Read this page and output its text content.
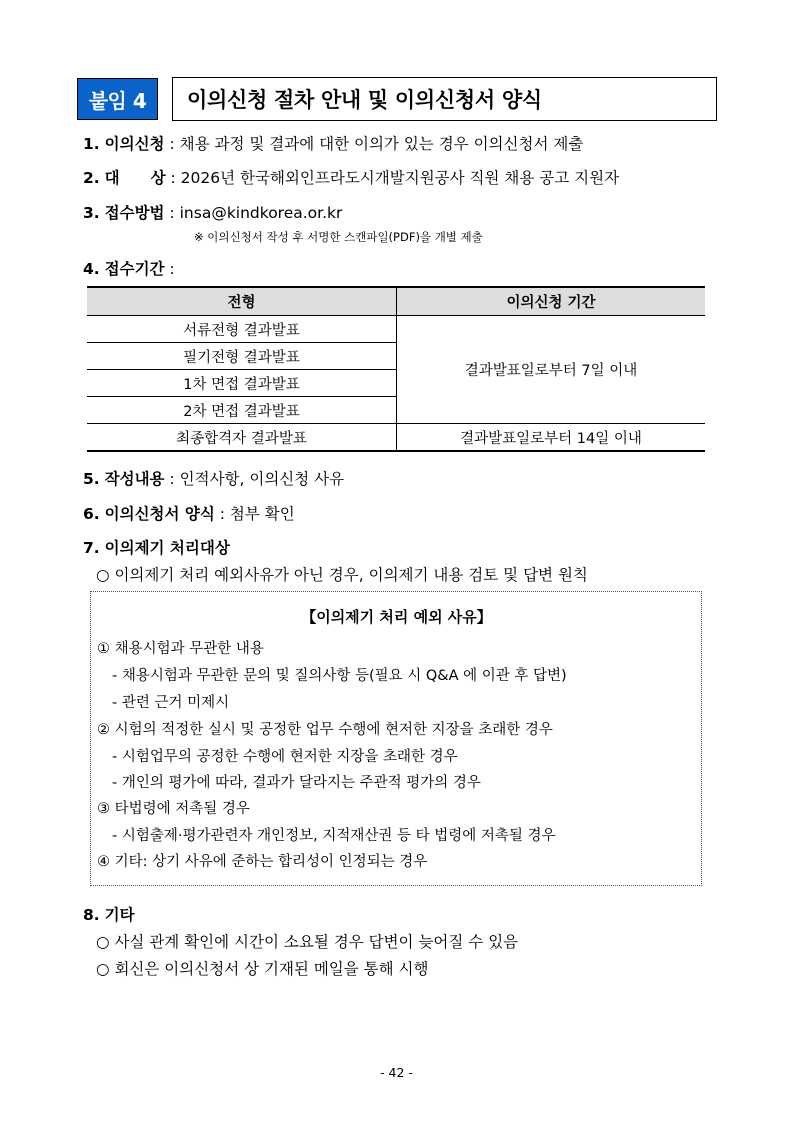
붙임 4	이의신청 절차 안내 및 이의신청서 양식
1. 이의신청 : 채용 과정 및 결과에 대한 이의가 있는 경우 이의신청서 제출
2. 대　　상 : 2026년 한국해외인프라도시개발지원공사 직원 채용 공고 지원자
3. 접수방법 : insa@kindkorea.or.kr
※ 이의신청서 작성 후 서명한 스캔파일(PDF)을 개별 제출
4. 접수기간 :
전형	이의신청 기간
서류전형 결과발표	결과발표일로부터 7일 이내
필기전형 결과발표	
1차 면접 결과발표	
2차 면접 결과발표	
최종합격자 결과발표	결과발표일로부터 14일 이내
5. 작성내용 : 인적사항, 이의신청 사유
6. 이의신청서 양식 : 첨부 확인
7. 이의제기 처리대상
○ 이의제기 처리 예외사유가 아닌 경우, 이의제기 내용 검토 및 답변 원칙
【이의제기 처리 예외 사유】
① 채용시험과 무관한 내용
- 채용시험과 무관한 문의 및 질의사항 등(필요 시 Q&A 에 이관 후 답변)
- 관련 근거 미제시
② 시험의 적정한 실시 및 공정한 업무 수행에 현저한 지장을 초래한 경우
- 시험업무의 공정한 수행에 현저한 지장을 초래한 경우
- 개인의 평가에 따라, 결과가 달라지는 주관적 평가의 경우
③ 타법령에 저촉될 경우
- 시험출제·평가관련자 개인정보, 지적재산권 등 타 법령에 저촉될 경우
④ 기타: 상기 사유에 준하는 합리성이 인정되는 경우
8. 기타
○ 사실 관계 확인에 시간이 소요될 경우 답변이 늦어질 수 있음
○ 회신은 이의신청서 상 기재된 메일을 통해 시행
- 42 -
